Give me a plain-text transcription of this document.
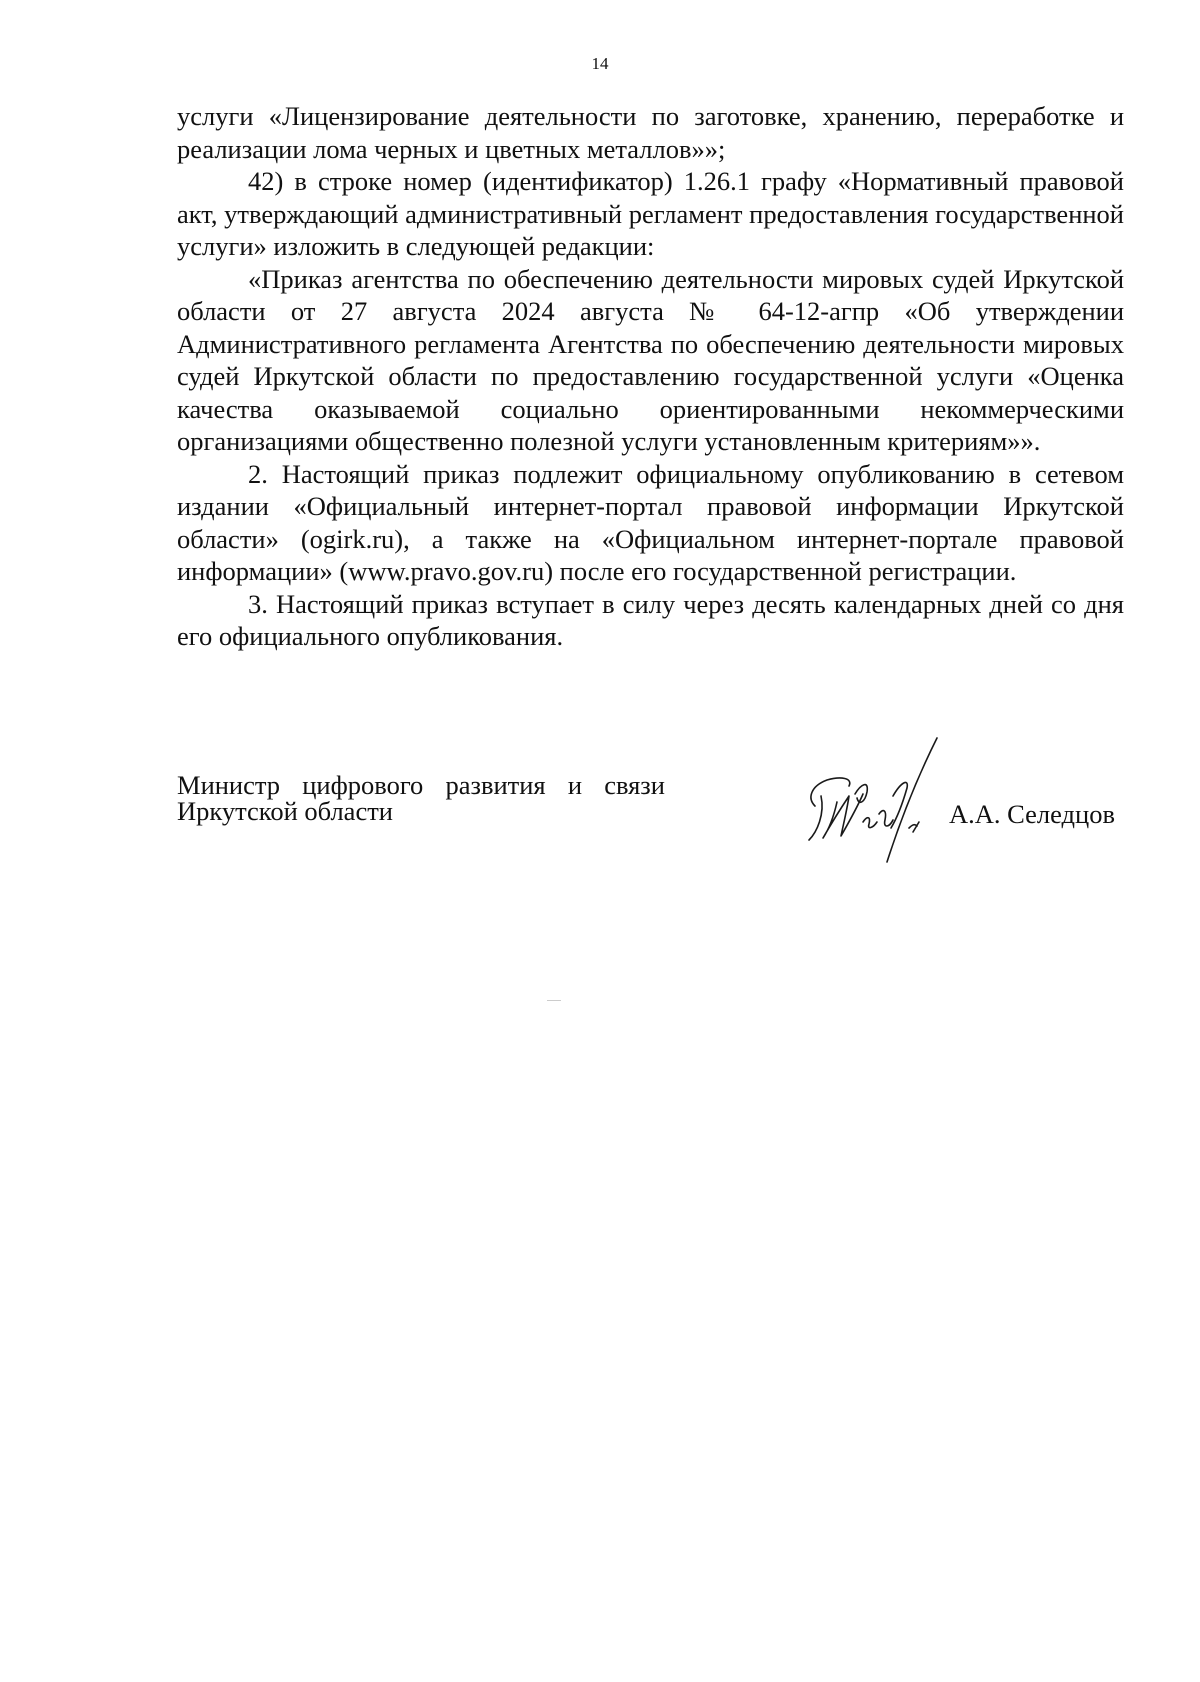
14

услуги «Лицензирование деятельности по заготовке, хранению, переработке и реализации лома черных и цветных металлов»»;

42) в строке номер (идентификатор) 1.26.1 графу «Нормативный правовой акт, утверждающий административный регламент предоставления государственной услуги» изложить в следующей редакции:

«Приказ агентства по обеспечению деятельности мировых судей Иркутской области от 27 августа 2024 августа № 64-12-агпр «Об утверждении Административного регламента Агентства по обеспечению деятельности мировых судей Иркутской области по предоставлению государственной услуги «Оценка качества оказываемой социально ориентированными некоммерческими организациями общественно полезной услуги установленным критериям»».

2. Настоящий приказ подлежит официальному опубликованию в сетевом издании «Официальный интернет-портал правовой информации Иркутской области» (ogirk.ru), а также на «Официальном интернет-портале правовой информации» (www.pravo.gov.ru) после его государственной регистрации.

3. Настоящий приказ вступает в силу через десять календарных дней со дня его официального опубликования.

Министр цифрового развития и связи
Иркутской области	А.А. Селедцов
